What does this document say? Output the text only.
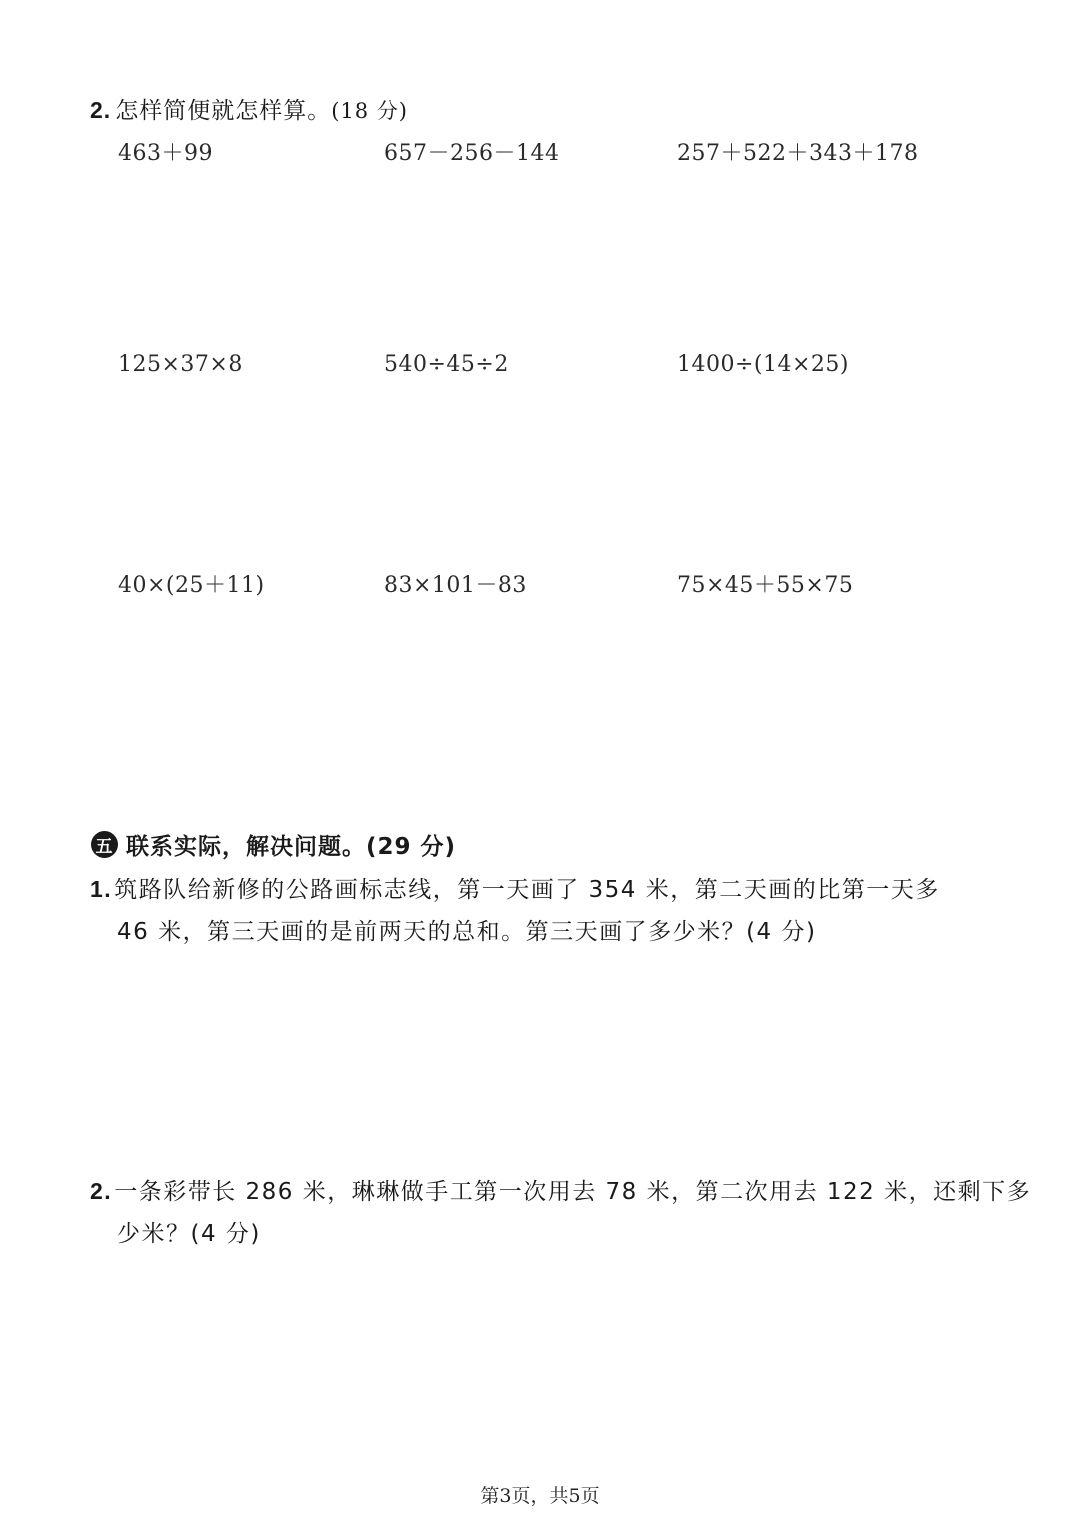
2. 怎样简便就怎样算。(18 分)
463＋99	657－256－144	257＋522＋343＋178
125×37×8	540÷45÷2	1400÷(14×25)
40×(25＋11)	83×101－83	75×45＋55×75
五 联系实际，解决问题。(29 分)
1.筑路队给新修的公路画标志线，第一天画了 354 米，第二天画的比第一天多
46 米，第三天画的是前两天的总和。第三天画了多少米？(4 分)
2.一条彩带长 286 米，琳琳做手工第一次用去 78 米，第二次用去 122 米，还剩下多
少米？(4 分)
第3页，共5页
